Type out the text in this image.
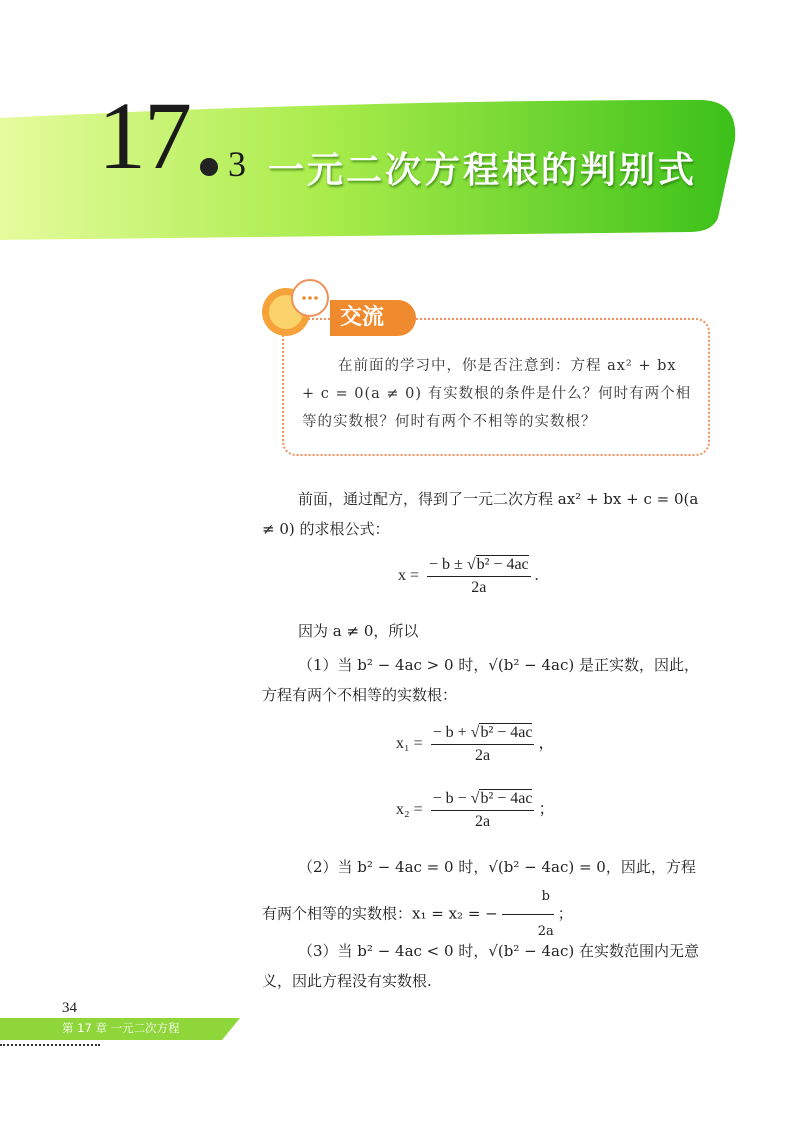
17 3 一元二次方程根的判别式
交流

在前面的学习中，你是否注意到：方程 ax² + bx + c = 0(a ≠ 0) 有实数根的条件是什么？何时有两个相等的实数根？何时有两个不相等的实数根？

前面，通过配方，得到了一元二次方程 ax² + bx + c = 0(a ≠ 0) 的求根公式：

$x = \frac{\text{− b ± √b² − 4ac}}{2a}$ .

因为 a ≠ 0，所以

（1）当 b² − 4ac > 0 时，√(b² − 4ac) 是正实数，因此，方程有两个不相等的实数根：

$x_1 = \frac{\text{− b + √b² − 4ac}}{2a}$ ，
$x_2 = \frac{\text{− b − √b² − 4ac}}{2a}$ ；

（2）当 b² − 4ac = 0 时，√(b² − 4ac) = 0，因此，方程有两个相等的实数根：x₁ = x₂ = − $\frac{b}{2a}$ ；

（3）当 b² − 4ac < 0 时，√(b² − 4ac) 在实数范围内无意义，因此方程没有实数根.

34
第 17 章 一元二次方程
